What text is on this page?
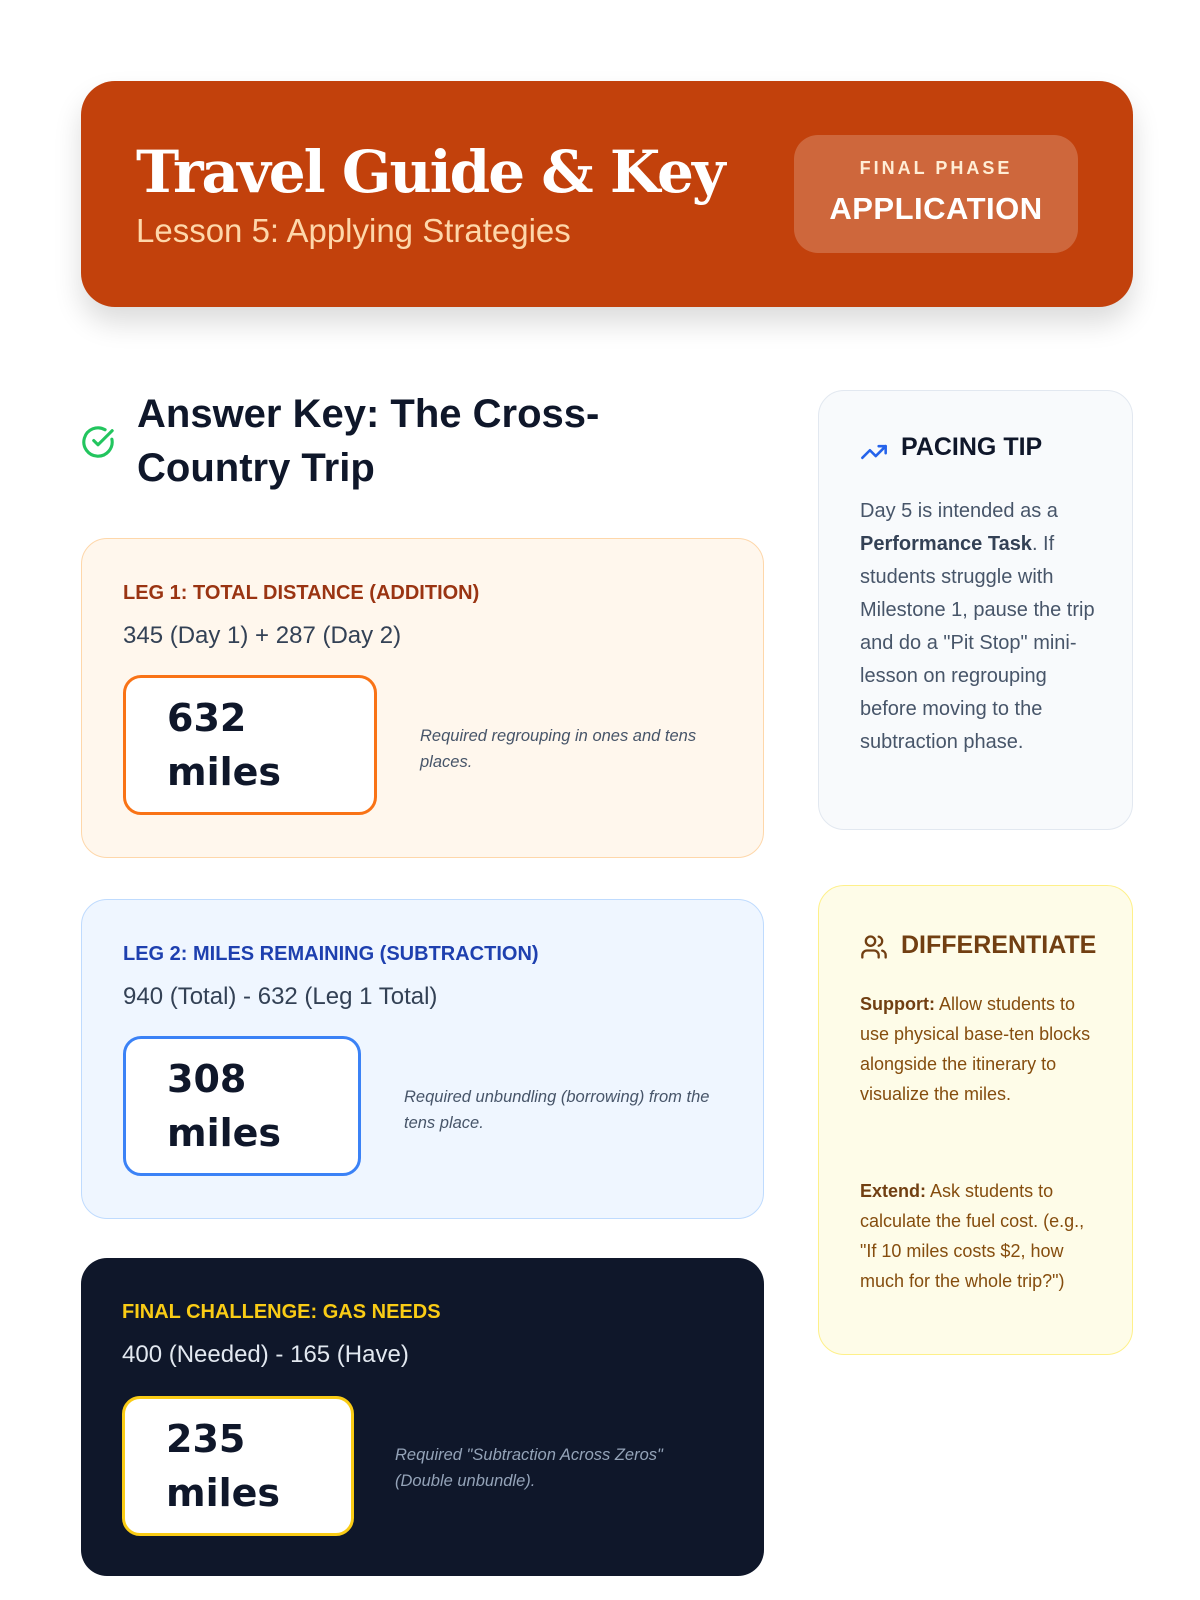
Travel Guide & Key
Lesson 5: Applying Strategies
FINAL PHASE
APPLICATION
Answer Key: The Cross-Country Trip
LEG 1: TOTAL DISTANCE (ADDITION)
345 (Day 1) + 287 (Day 2)
632
miles
Required regrouping in ones and tens places.
LEG 2: MILES REMAINING (SUBTRACTION)
940 (Total) - 632 (Leg 1 Total)
308
miles
Required unbundling (borrowing) from the tens place.
FINAL CHALLENGE: GAS NEEDS
400 (Needed) - 165 (Have)
235
miles
Required "Subtraction Across Zeros" (Double unbundle).
PACING TIP
Day 5 is intended as a Performance Task. If students struggle with Milestone 1, pause the trip and do a "Pit Stop" mini-lesson on regrouping before moving to the subtraction phase.
DIFFERENTIATE
Support: Allow students to use physical base-ten blocks alongside the itinerary to visualize the miles.
Extend: Ask students to calculate the fuel cost. (e.g., "If 10 miles costs $2, how much for the whole trip?")
